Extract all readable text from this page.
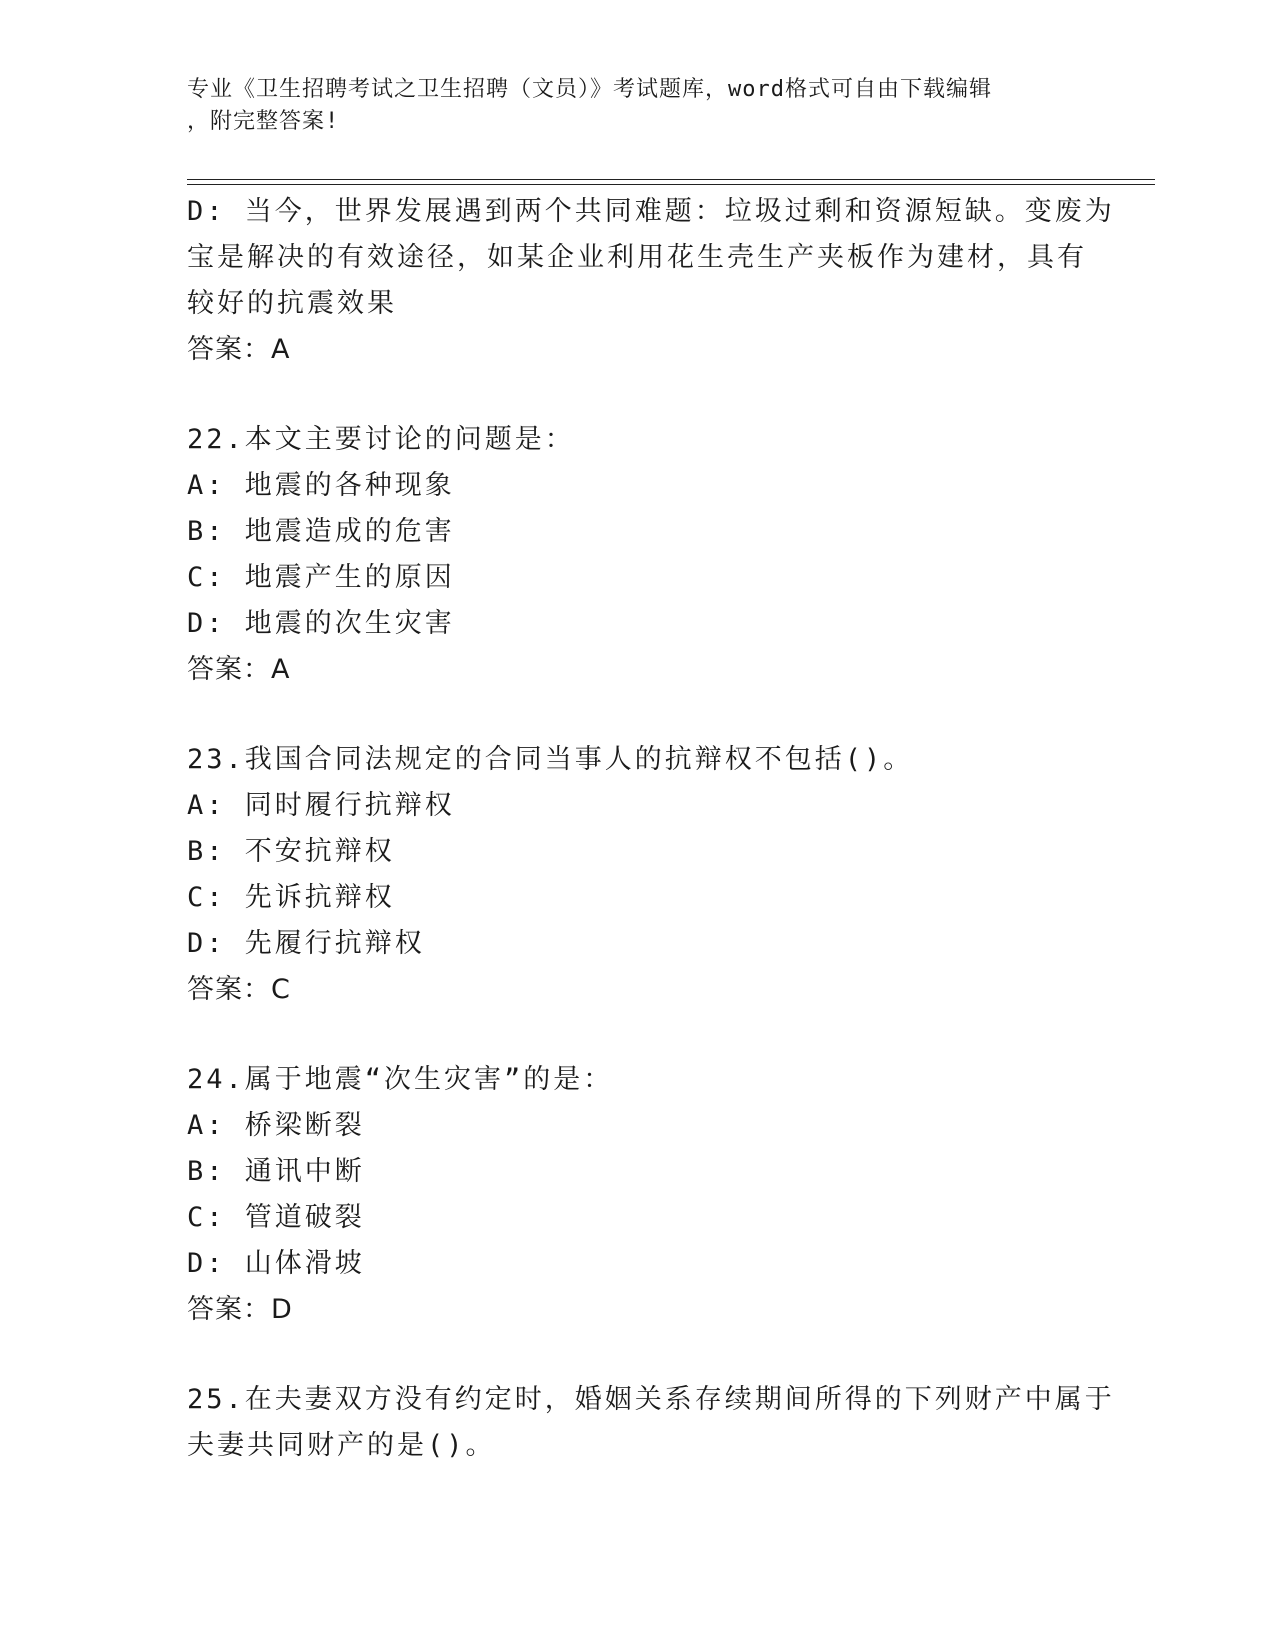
专业《卫生招聘考试之卫生招聘（文员）》考试题库，word格式可自由下载编辑
，附完整答案!
D: 当今，世界发展遇到两个共同难题：垃圾过剩和资源短缺。变废为
宝是解决的有效途径，如某企业利用花生壳生产夹板作为建材，具有
较好的抗震效果
答案：A
22.本文主要讨论的问题是：
A: 地震的各种现象
B: 地震造成的危害
C: 地震产生的原因
D: 地震的次生灾害
答案：A
23.我国合同法规定的合同当事人的抗辩权不包括()。
A: 同时履行抗辩权
B: 不安抗辩权
C: 先诉抗辩权
D: 先履行抗辩权
答案：C
24.属于地震“次生灾害”的是：
A: 桥梁断裂
B: 通讯中断
C: 管道破裂
D: 山体滑坡
答案：D
25.在夫妻双方没有约定时，婚姻关系存续期间所得的下列财产中属于
夫妻共同财产的是()。
